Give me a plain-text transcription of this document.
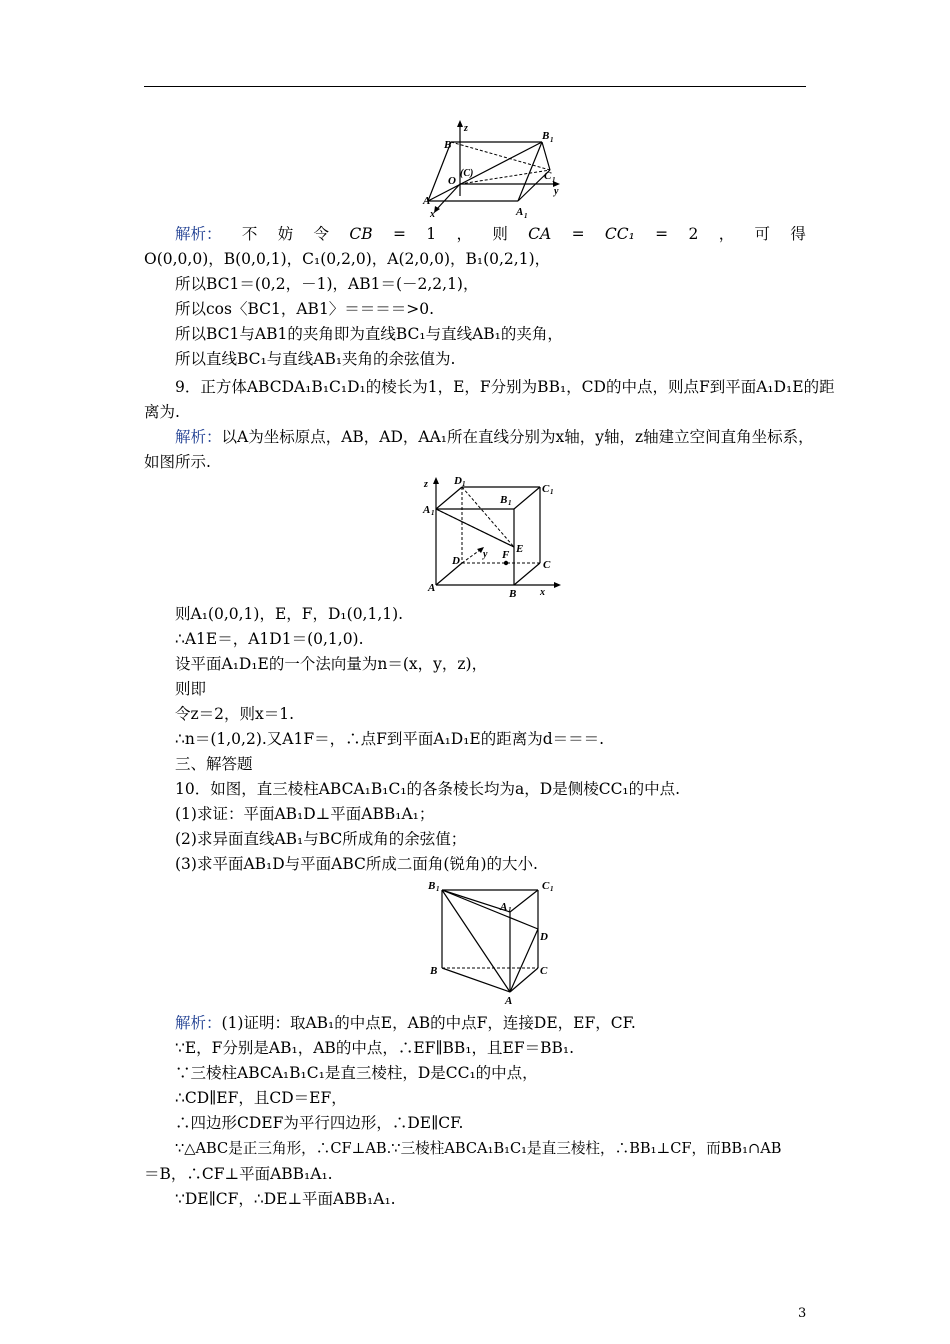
z
B 1
B
(C)
O	C 1
y
A
x	A 1
解析： 不 妨 令 CB = 1 ， 则 CA = CC₁ = 2 ， 可 得
O(0,0,0)，B(0,0,1)，C₁(0,2,0)，A(2,0,0)，B₁(0,2,1)，
所以BC1＝(0,2，－1)，AB1＝(－2,2,1)，
所以cos〈BC1，AB1〉＝＝＝＝>0.
所以BC1与AB1的夹角即为直线BC₁与直线AB₁的夹角，
所以直线BC₁与直线AB₁夹角的余弦值为.
9．正方体ABCDA₁B₁C₁D₁的棱长为1，E，F分别为BB₁，CD的中点，则点F到平面A₁D₁E的距
离为.
解析：以A为坐标原点，AB，AD，AA₁所在直线分别为x轴，y轴，z轴建立空间直角坐标系，
如图所示.
z D 1
B 1
C 1
A 1
D
y F E
C
A	B x
则A₁(0,0,1)，E，F，D₁(0,1,1).
∴A1E＝，A1D1＝(0,1,0).
设平面A₁D₁E的一个法向量为n＝(x，y，z)，
则即
令z＝2，则x＝1.
∴n＝(1,0,2).又A1F＝，∴点F到平面A₁D₁E的距离为d＝＝＝.
三、解答题
10．如图，直三棱柱ABCA₁B₁C₁的各条棱长均为a，D是侧棱CC₁的中点.
(1)求证：平面AB₁D⊥平面ABB₁A₁；
(2)求异面直线AB₁与BC所成角的余弦值；
(3)求平面AB₁D与平面ABC所成二面角(锐角)的大小.
B 1	C 1
A 1
D
B	C
A
解析：(1)证明：取AB₁的中点E，AB的中点F，连接DE，EF，CF.
∵E，F分别是AB₁，AB的中点，∴EF∥BB₁，且EF＝BB₁.
∵三棱柱ABCA₁B₁C₁是直三棱柱，D是CC₁的中点，
∴CD∥EF，且CD＝EF，
∴四边形CDEF为平行四边形，∴DE∥CF.
∵△ABC是正三角形，∴CF⊥AB.∵三棱柱ABCA₁B₁C₁是直三棱柱，∴BB₁⊥CF，而BB₁∩AB
＝B，∴CF⊥平面ABB₁A₁.
∵DE∥CF，∴DE⊥平面ABB₁A₁.
3
